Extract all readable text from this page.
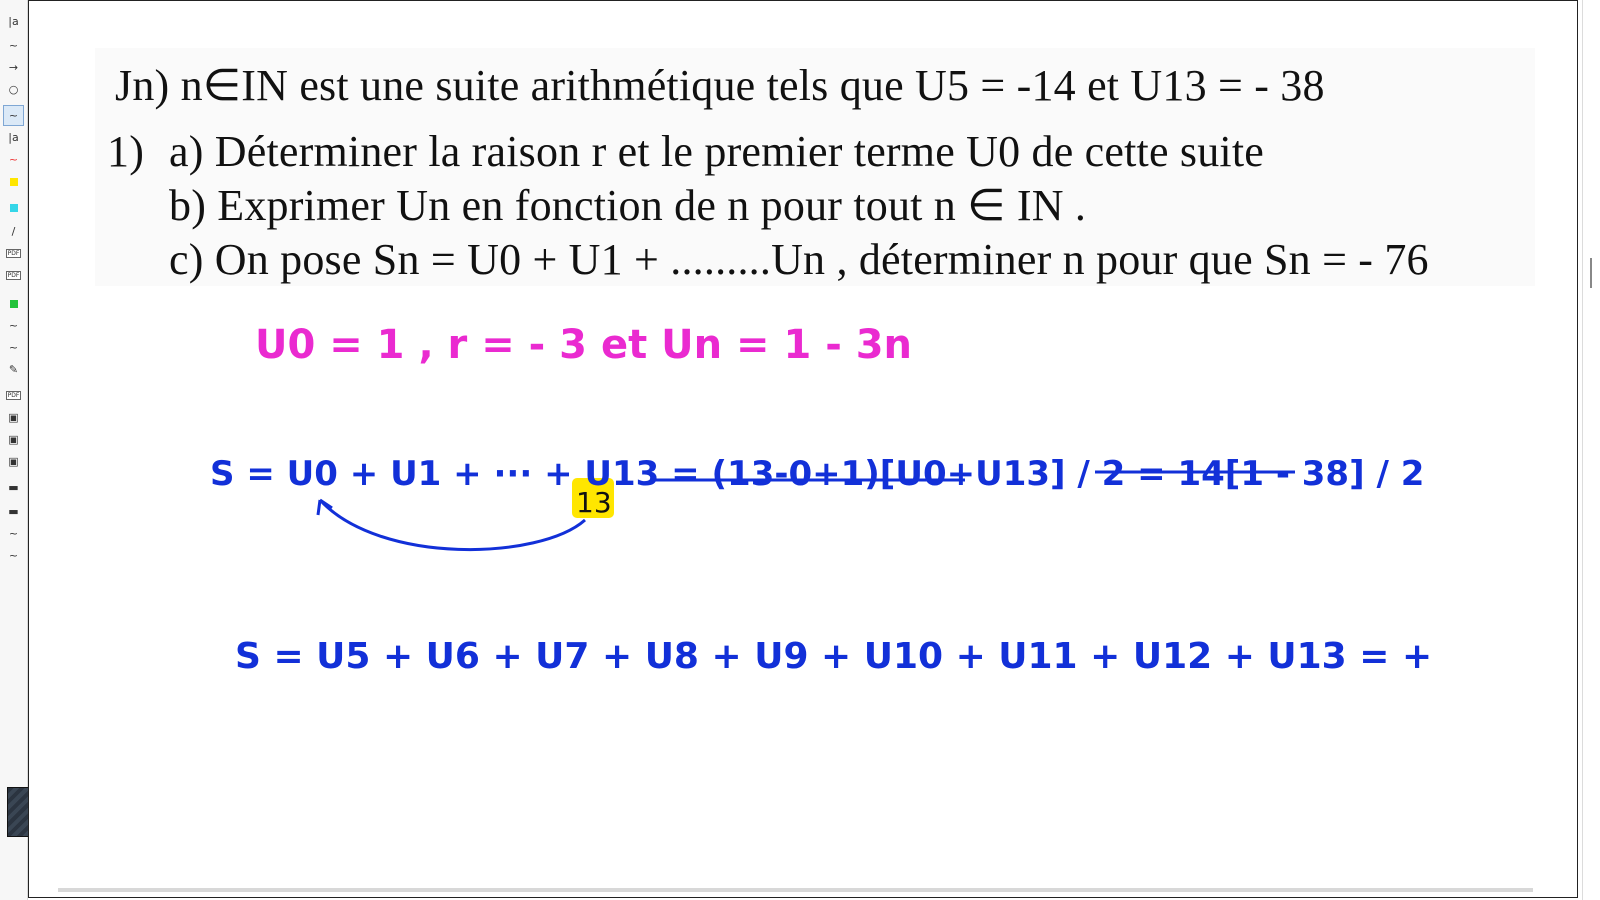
|a
~
→
○
~
|a
~
/
PDF
PDF
~
~
✎
PDF
▣
▣
▣
▬
▬
~
~
Jn) n∈IN est une suite arithmétique tels que U5 = -14 et U13 = - 38
1) a) Déterminer la raison r et le premier terme U0 de cette suite
b) Exprimer Un en fonction de n pour tout n ∈ IN .
c) On pose Sn = U0 + U1 + .........Un , déterminer n pour que Sn = - 76
U0 = 1 , r = - 3 et Un = 1 - 3n
13
S = U0 + U1 + ··· + U13 = (13-0+1)[U0+U13] / 2 = 14[1 - 38] / 2
S = U5 + U6 + U7 + U8 + U9 + U10 + U11 + U12 + U13 = +
